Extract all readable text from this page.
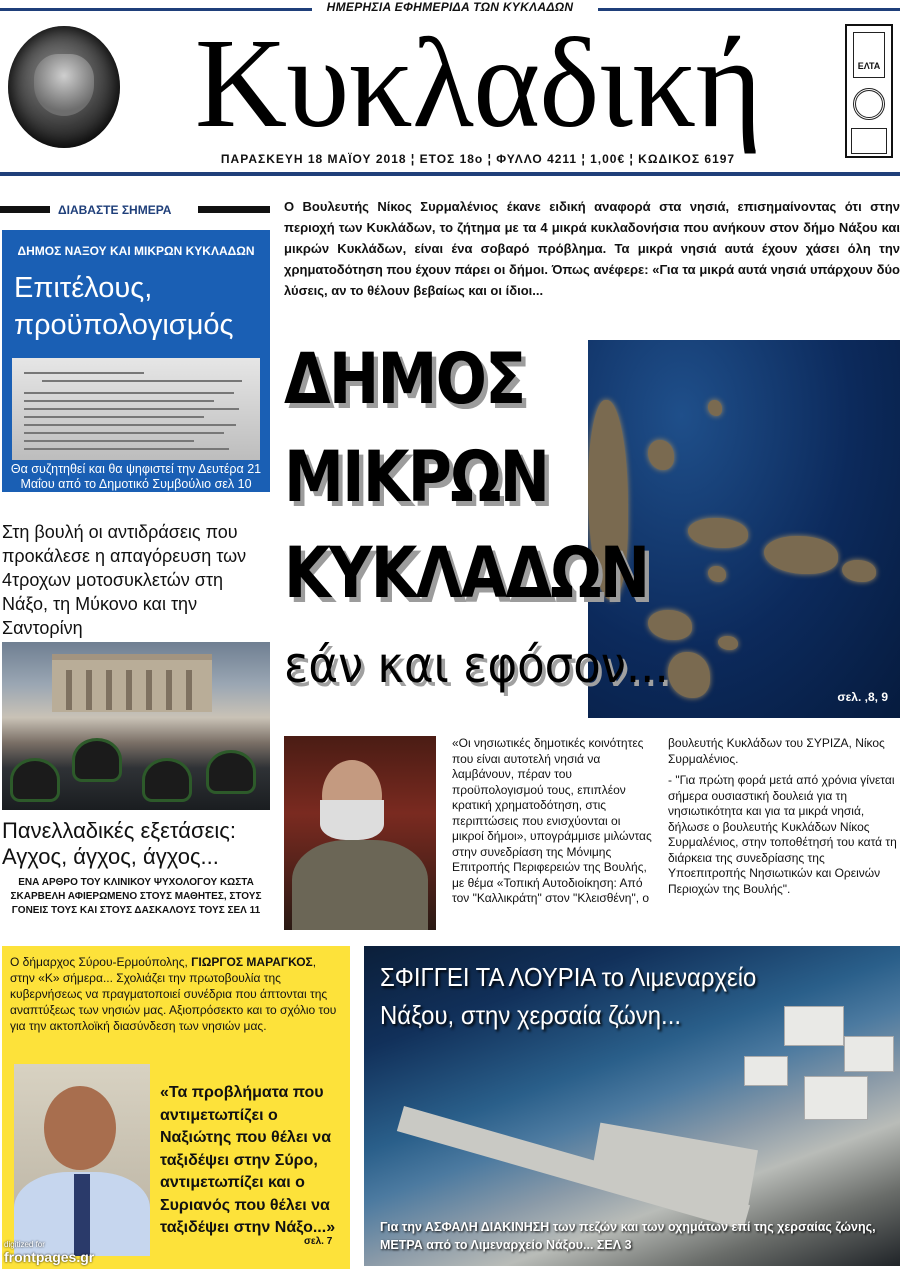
ΗΜΕΡΗΣΙΑ ΕΦΗΜΕΡΙΔΑ ΤΩΝ ΚΥΚΛΑΔΩΝ
Κυκλαδική	ΕΛΤΑ
ΠΑΡΑΣΚΕΥΗ 18 ΜΑΪΟΥ 2018 ¦ ΕΤΟΣ 18ο ¦ ΦΥΛΛΟ 4211 ¦ 1,00€ ¦ ΚΩΔΙΚΟΣ 6197
ΔΙΑΒΑΣΤΕ ΣΗΜΕΡΑ
ΔΗΜΟΣ ΝΑΞΟΥ ΚΑΙ ΜΙΚΡΩΝ ΚΥΚΛΑΔΩΝ
Επιτέλους,
προϋπολογισμός
Θα συζητηθεί και θα ψηφιστεί την Δευτέρα 21 Μαΐου από το Δημοτικό Συμβούλιο σελ 10
Στη βουλή οι αντιδράσεις που προκάλεσε η απαγόρευση των 4τροχων μοτοσυκλετών στη Νάξο, τη Μύκονο και την Σαντορίνη
Πανελλαδικές εξετάσεις:
Αγχος, άγχος, άγχος...
ΕΝΑ ΑΡΘΡΟ ΤΟΥ ΚΛΙΝΙΚΟΥ ΨΥΧΟΛΟΓΟΥ ΚΩΣΤΑ ΣΚΑΡΒΕΛΗ ΑΦΙΕΡΩΜΕΝΟ ΣΤΟΥΣ ΜΑΘΗΤΕΣ, ΣΤΟΥΣ ΓΟΝΕΙΣ ΤΟΥΣ ΚΑΙ ΣΤΟΥΣ ΔΑΣΚΑΛΟΥΣ ΤΟΥΣ ΣΕΛ 11
Ο Βουλευτής Νίκος Συρμαλένιος έκανε ειδική αναφορά στα νησιά, επισημαίνοντας ότι στην περιοχή των Κυκλάδων, το ζήτημα με τα 4 μικρά κυκλαδονήσια που ανήκουν στον δήμο Νάξου και μικρών Κυκλάδων, είναι ένα σοβαρό πρόβλημα. Τα μικρά νησιά αυτά έχουν χάσει όλη την χρηματοδότηση που έχουν πάρει οι δήμοι. Όπως ανέφερε: «Για τα μικρά αυτά νησιά υπάρχουν δύο λύσεις, αν το θέλουν βεβαίως και οι ίδιοι...
σελ. ,8, 9
ΔΗΜΟΣ
ΜΙΚΡΩΝ
ΚΥΚΛΑΔΩΝ
εάν και εφόσον...
«Οι νησιωτικές δημοτικές κοινότητες που είναι αυτοτελή νησιά να λαμβάνουν, πέραν του προϋπολογισμού τους, επιπλέον κρατική χρηματοδότηση, στις περιπτώσεις που ενισχύονται οι μικροί δήμοι», υπογράμμισε μιλώντας στην συνεδρίαση της Μόνιμης Επιτροπής Περιφερειών της Βουλής, με θέμα «Τοπική Αυτοδιοίκηση: Από τον "Καλλικράτη" στον "Κλεισθένη", ο
βουλευτής Κυκλάδων του ΣΥΡΙΖΑ, Νίκος Συρμαλένιος.
- "Για πρώτη φορά μετά από χρόνια γίνεται σήμερα ουσιαστική δουλειά για τη νησιωτικότητα και για τα μικρά νησιά, δήλωσε ο βουλευτής Κυκλάδων Νίκος Συρμαλένιος, στην τοποθέτησή του κατά τη διάρκεια της συνεδρίασης της Υποεπιτροπής Νησιωτικών και Ορεινών Περιοχών της Βουλής".
Ο δήμαρχος Σύρου-Ερμούπολης, ΓΙΩΡΓΟΣ ΜΑΡΑΓΚΟΣ, στην «Κ» σήμερα... Σχολιάζει την πρωτοβουλία της κυβερνήσεως να πραγματοποιεί συνέδρια που άπτονται της αναπτύξεως των νησιών μας. Αξιοπρόσεκτο και το σχόλιο του για την ακτοπλοϊκή διασύνδεση των νησιών μας.
«Τα προβλήματα που αντιμετωπίζει ο Ναξιώτης που θέλει να ταξιδέψει στην Σύρο, αντιμετωπίζει και ο Συριανός που θέλει να ταξιδέψει στην Νάξο...»
σελ. 7
ΣΦΙΓΓΕΙ ΤΑ ΛΟΥΡΙΑ το Λιμεναρχείο
Νάξου, στην χερσαία ζώνη...
Για την ΑΣΦΑΛΗ ΔΙΑΚΙΝΗΣΗ των πεζών και των οχημάτων επί της χερσαίας ζώνης, ΜΕΤΡΑ από το Λιμεναρχείο Νάξου... ΣΕΛ 3
digitized for
frontpages.gr
